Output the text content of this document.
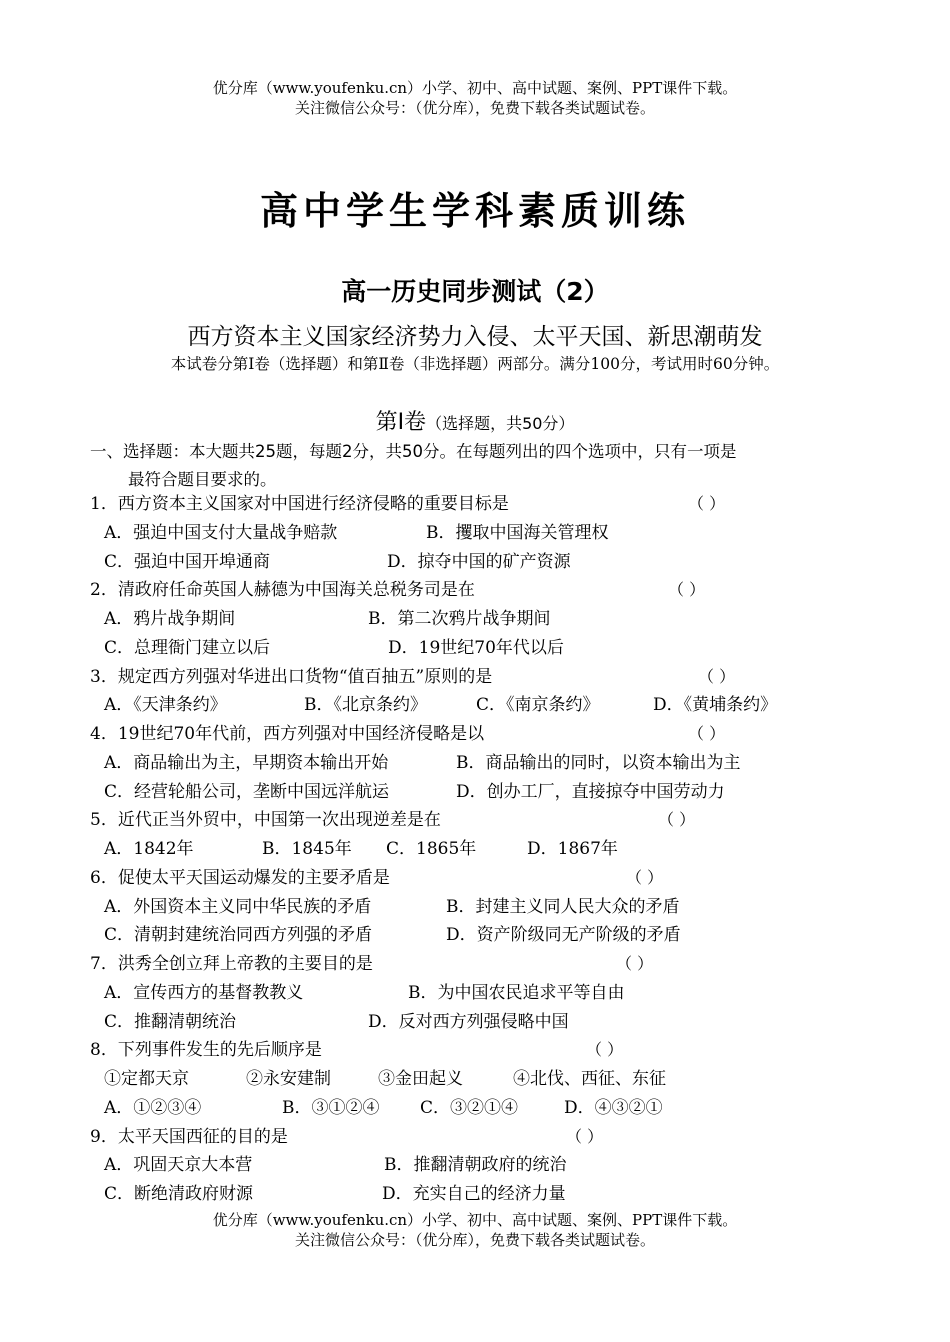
优分库（www.youfenku.cn）小学、初中、高中试题、案例、PPT课件下载。
关注微信公众号：（优分库），免费下载各类试题试卷。
高中学生学科素质训练
高一历史同步测试（2）
西方资本主义国家经济势力入侵、太平天国、新思潮萌发
本试卷分第Ⅰ卷（选择题）和第Ⅱ卷（非选择题）两部分。满分100分，考试用时60分钟。
第Ⅰ卷（选择题，共50分）
一、选择题：本大题共25题，每题2分，共50分。在每题列出的四个选项中，只有一项是
最符合题目要求的。
1．西方资本主义国家对中国进行经济侵略的重要目标是	（ ）
A．强迫中国支付大量战争赔款	B．攫取中国海关管理权
C．强迫中国开埠通商	D．掠夺中国的矿产资源
2．清政府任命英国人赫德为中国海关总税务司是在	（ ）
A．鸦片战争期间	B．第二次鸦片战争期间
C．总理衙门建立以后	D．19世纪70年代以后
3．规定西方列强对华进出口货物“值百抽五”原则的是	（ ）
A．《天津条约》	B．《北京条约》	C．《南京条约》	D．《黄埔条约》
4．19世纪70年代前，西方列强对中国经济侵略是以	（ ）
A．商品输出为主，早期资本输出开始	B．商品输出的同时，以资本输出为主
C．经营轮船公司，垄断中国远洋航运	D．创办工厂，直接掠夺中国劳动力
5．近代正当外贸中，中国第一次出现逆差是在	（ ）
A．1842年	B．1845年 C．1865年	D．1867年
6．促使太平天国运动爆发的主要矛盾是	（ ）
A．外国资本主义同中华民族的矛盾	B．封建主义同人民大众的矛盾
C．清朝封建统治同西方列强的矛盾	D．资产阶级同无产阶级的矛盾
7．洪秀全创立拜上帝教的主要目的是	（ ）
A．宣传西方的基督教教义	B．为中国农民追求平等自由
C．推翻清朝统治	D．反对西方列强侵略中国
8．下列事件发生的先后顺序是	（ ）
①定都天京	②永安建制	③金田起义	④北伐、西征、东征
A．①②③④	B．③①②④ C．③②①④	D．④③②①
9．太平天国西征的目的是	（ ）
A．巩固天京大本营	B．推翻清朝政府的统治
C．断绝清政府财源	D．充实自己的经济力量
优分库（www.youfenku.cn）小学、初中、高中试题、案例、PPT课件下载。
关注微信公众号：（优分库），免费下载各类试题试卷。
